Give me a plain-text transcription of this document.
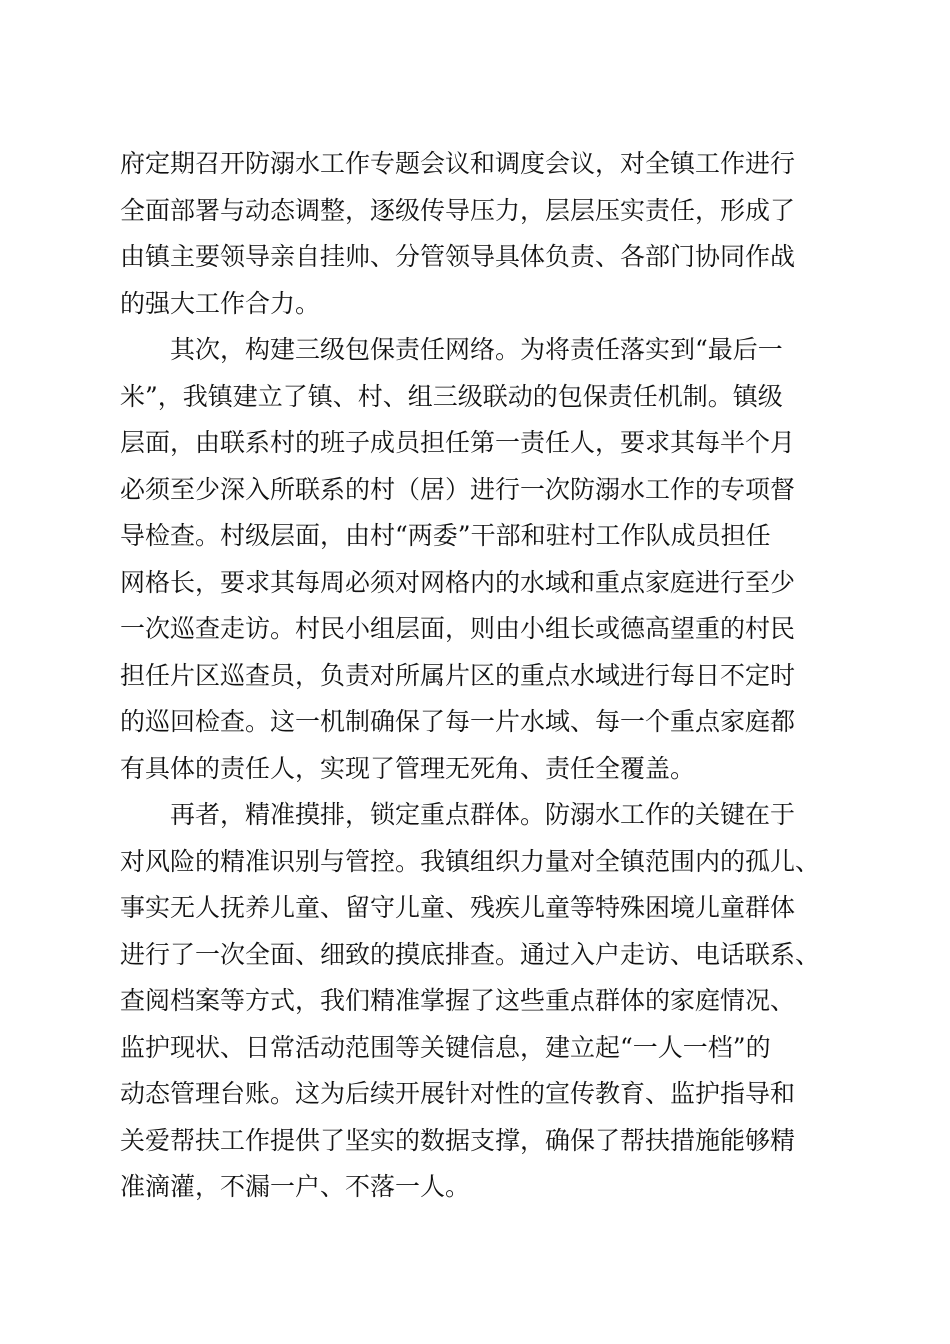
府定期召开防溺水工作专题会议和调度会议，对全镇工作进行
全面部署与动态调整，逐级传导压力，层层压实责任，形成了
由镇主要领导亲自挂帅、分管领导具体负责、各部门协同作战
的强大工作合力。
其次，构建三级包保责任网络。为将责任落实到“最后一
米”，我镇建立了镇、村、组三级联动的包保责任机制。镇级
层面，由联系村的班子成员担任第一责任人，要求其每半个月
必须至少深入所联系的村（居）进行一次防溺水工作的专项督
导检查。村级层面，由村“两委”干部和驻村工作队成员担任
网格长，要求其每周必须对网格内的水域和重点家庭进行至少
一次巡查走访。村民小组层面，则由小组长或德高望重的村民
担任片区巡查员，负责对所属片区的重点水域进行每日不定时
的巡回检查。这一机制确保了每一片水域、每一个重点家庭都
有具体的责任人，实现了管理无死角、责任全覆盖。
再者，精准摸排，锁定重点群体。防溺水工作的关键在于
对风险的精准识别与管控。我镇组织力量对全镇范围内的孤儿、
事实无人抚养儿童、留守儿童、残疾儿童等特殊困境儿童群体
进行了一次全面、细致的摸底排查。通过入户走访、电话联系、
查阅档案等方式，我们精准掌握了这些重点群体的家庭情况、
监护现状、日常活动范围等关键信息，建立起“一人一档”的
动态管理台账。这为后续开展针对性的宣传教育、监护指导和
关爱帮扶工作提供了坚实的数据支撑，确保了帮扶措施能够精
准滴灌，不漏一户、不落一人。
